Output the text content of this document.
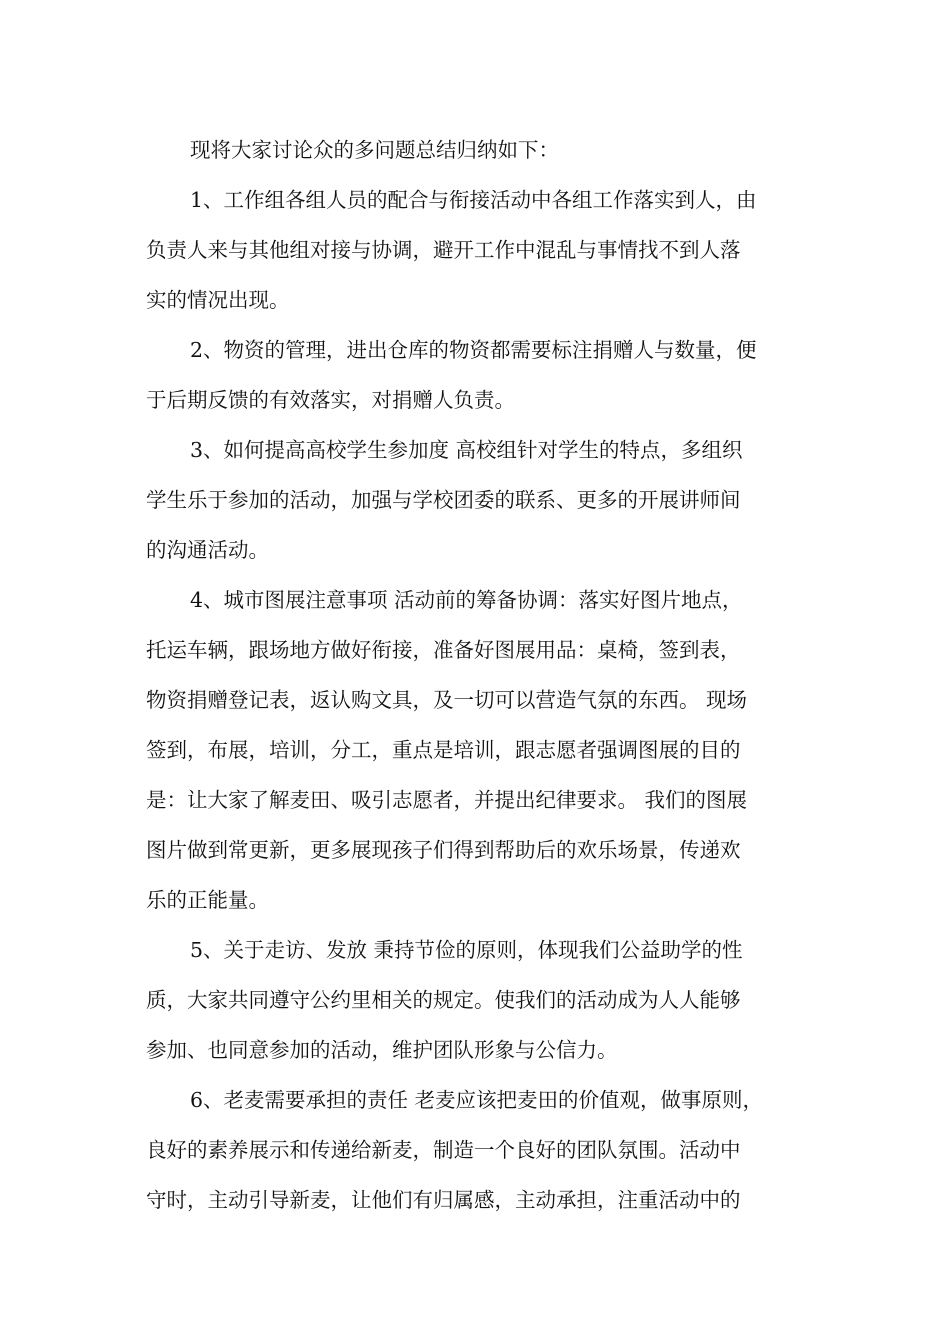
现将大家讨论众的多问题总结归纳如下：
1、工作组各组人员的配合与衔接活动中各组工作落实到人，由
负责人来与其他组对接与协调，避开工作中混乱与事情找不到人落
实的情况出现。
2、物资的管理，进出仓库的物资都需要标注捐赠人与数量，便
于后期反馈的有效落实，对捐赠人负责。
3、如何提高高校学生参加度 高校组针对学生的特点，多组织
学生乐于参加的活动，加强与学校团委的联系、更多的开展讲师间
的沟通活动。
4、城市图展注意事项 活动前的筹备协调：落实好图片地点，
托运车辆，跟场地方做好衔接，准备好图展用品：桌椅，签到表，
物资捐赠登记表，返认购文具，及一切可以营造气氛的东西。 现场
签到，布展，培训，分工，重点是培训，跟志愿者强调图展的目的
是：让大家了解麦田、吸引志愿者，并提出纪律要求。 我们的图展
图片做到常更新，更多展现孩子们得到帮助后的欢乐场景，传递欢
乐的正能量。
5、关于走访、发放 秉持节俭的原则，体现我们公益助学的性
质，大家共同遵守公约里相关的规定。使我们的活动成为人人能够
参加、也同意参加的活动，维护团队形象与公信力。
6、老麦需要承担的责任 老麦应该把麦田的价值观，做事原则，
良好的素养展示和传递给新麦，制造一个良好的团队氛围。活动中
守时，主动引导新麦，让他们有归属感，主动承担，注重活动中的
